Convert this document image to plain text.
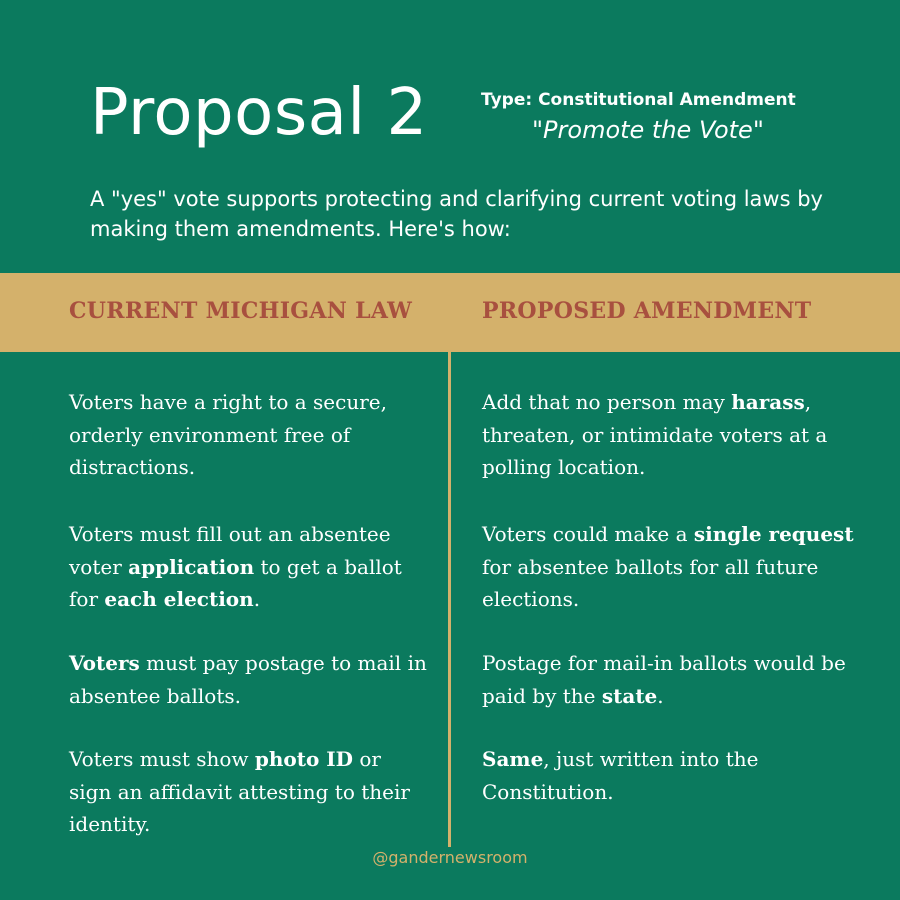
Proposal 2	Type: Constitutional Amendment
"Promote the Vote"
A "yes" vote supports protecting and clarifying current voting laws by making them amendments. Here's how:
CURRENT MICHIGAN LAW	PROPOSED AMENDMENT
Voters have a right to a secure, orderly environment free of distractions.
Add that no person may harass, threaten, or intimidate voters at a polling location.
Voters must fill out an absentee voter application to get a ballot for each election.
Voters could make a single request for absentee ballots for all future elections.
Voters must pay postage to mail in absentee ballots.
Postage for mail-in ballots would be paid by the state.
Voters must show photo ID or sign an affidavit attesting to their identity.
Same, just written into the Constitution.
@gandernewsroom
